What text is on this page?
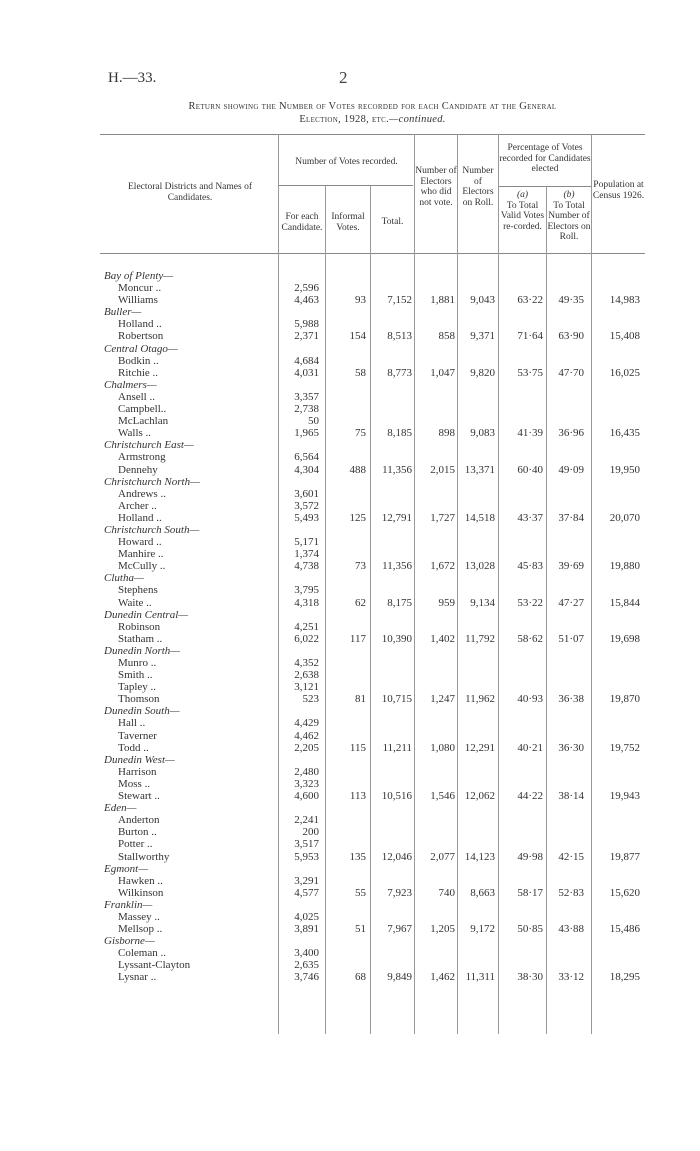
H.—33.	2
Return showing the Number of Votes recorded for each Candidate at the General
Election, 1928, etc.—continued.
Electoral Districts and Names of Candidates.
Number of Votes recorded.
For each Candidate.
Informal Votes.
Total.
Number of Electors who did not vote.
Number of Electors on Roll.
Percentage of Votes recorded for Candidates elected
(a)
To Total Valid Votes re-corded.
(b)
To Total Number of Electors on Roll.
Population at Census 1926.
Bay of Plenty—
Moncur ..	2,596
Williams	4,463	93 7,152 1,881 9,043 63·22 49·35 14,983
Buller—
Holland ..	5,988
Robertson	2,371	154 8,513 858 9,371 71·64 63·90 15,408
Central Otago—
Bodkin ..	4,684
Ritchie ..	4,031	58 8,773 1,047 9,820 53·75 47·70 16,025
Chalmers—
Ansell ..	3,357
Campbell..	2,738
McLachlan	50
Walls ..	1,965	75 8,185 898 9,083 41·39 36·96 16,435
Christchurch East—
Armstrong	6,564
Dennehy	4,304	488 11,356 2,015 13,371 60·40 49·09 19,950
Christchurch North—
Andrews ..	3,601
Archer ..	3,572
Holland ..	5,493	125 12,791 1,727 14,518 43·37 37·84 20,070
Christchurch South—
Howard ..	5,171
Manhire ..	1,374
McCully ..	4,738	73 11,356 1,672 13,028 45·83 39·69 19,880
Clutha—
Stephens	3,795
Waite ..	4,318	62 8,175 959 9,134 53·22 47·27 15,844
Dunedin Central—
Robinson	4,251
Statham ..	6,022	117 10,390 1,402 11,792 58·62 51·07 19,698
Dunedin North—
Munro ..	4,352
Smith ..	2,638
Tapley ..	3,121
Thomson	523	81 10,715 1,247 11,962 40·93 36·38 19,870
Dunedin South—
Hall ..	4,429
Taverner	4,462
Todd ..	2,205	115 11,211 1,080 12,291 40·21 36·30 19,752
Dunedin West—
Harrison	2,480
Moss ..	3,323
Stewart ..	4,600	113 10,516 1,546 12,062 44·22 38·14 19,943
Eden—
Anderton	2,241
Burton ..	200
Potter ..	3,517
Stallworthy	5,953	135 12,046 2,077 14,123 49·98 42·15 19,877
Egmont—
Hawken ..	3,291
Wilkinson	4,577	55 7,923 740 8,663 58·17 52·83 15,620
Franklin—
Massey ..	4,025
Mellsop ..	3,891	51 7,967 1,205 9,172 50·85 43·88 15,486
Gisborne—
Coleman ..	3,400
Lyssant-Clayton	2,635
Lysnar ..	3,746	68 9,849 1,462 11,311 38·30 33·12 18,295
